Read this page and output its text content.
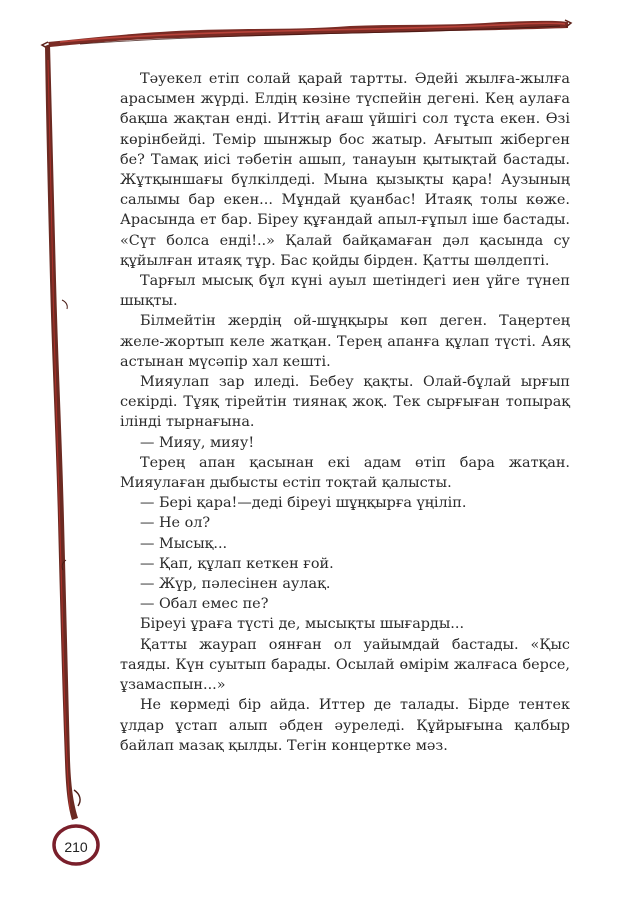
Тәуекел етіп солай қарай тартты. Әдейі жылға-жылға арасымен жүрді. Елдің көзіне түспейін дегені. Кең аулаға бақша жақтан енді. Иттің ағаш үйшігі сол тұста екен. Өзі көрінбейді. Темір шынжыр бос жатыр. Ағытып жіберген бе? Тамақ иісі тәбетін ашып, танауын қытықтай бастады. Жұтқыншағы бүлкілдеді. Мына қызықты қара! Аузының салымы бар екен... Мұндай қуанбас! Итаяқ толы көже. Арасында ет бар. Біреу құғандай апыл-ғұпыл іше бастады. «Сүт болса енді!..» Қалай байқамаған дәл қасында су құйылған итаяқ тұр. Бас қойды бірден. Қатты шөлдепті.

Тарғыл мысық бұл күні ауыл шетіндегі иен үйге түнеп шықты.

Білмейтін жердің ой-шұңқыры көп деген. Таңертең желе-жортып келе жатқан. Терең апанға құлап түсті. Аяқ астынан мүсәпір хал кешті.

Мияулап зар иледі. Бебеу қақты. Олай-бұлай ырғып секірді. Тұяқ тірейтін тиянақ жоқ. Тек сырғыған топырақ ілінді тырнағына.

— Мияу, мияу!

Терең апан қасынан екі адам өтіп бара жатқан. Мияулаған дыбысты естіп тоқтай қалысты.

— Бері қара!—деді біреуі шұңқырға үңіліп.

— Не ол?

— Мысық...

— Қап, құлап кеткен ғой.

— Жүр, пәлесінен аулақ.

— Обал емес пе?

Біреуі ұраға түсті де, мысықты шығарды...

Қатты жаурап оянған ол уайымдай бастады. «Қыс таяды. Күн суытып барады. Осылай өмірім жалғаса берсе, ұзамаспын...»

Не көрмеді бір айда. Иттер де талады. Бірде тентек ұлдар ұстап алып әбден әуреледі. Құйрығына қалбыр байлап мазақ қылды. Тегін концертке мәз.

210
